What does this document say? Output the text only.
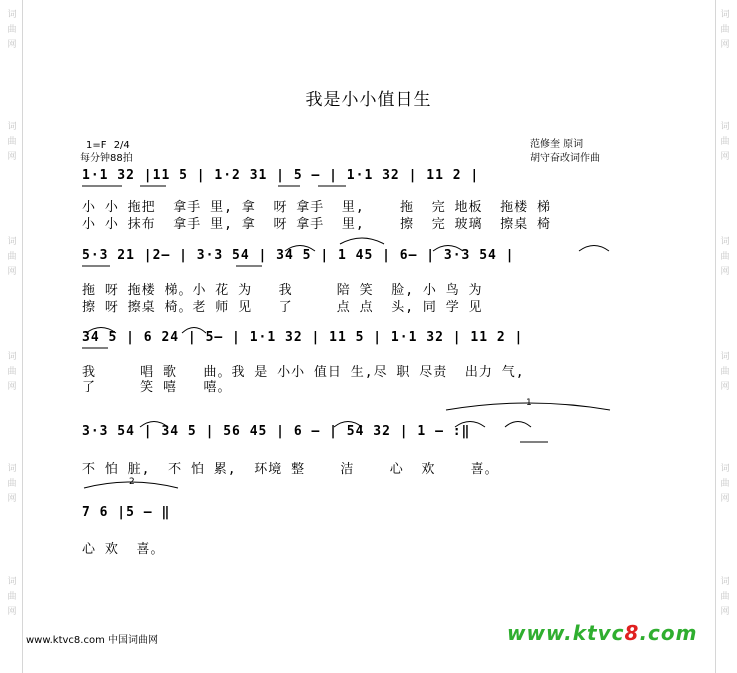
词
曲
网
词
曲
网
词
曲
网
词
曲
网
词
曲
网
词
曲
网
词
曲
网
词
曲
网
词
曲
网
词
曲
网
词
曲
网
词
曲
网
我是小小值日生
1=F 2/4
每分钟88拍
范修奎 原词
胡守奋改词作曲
1·1 32 |11 5 | 1·2 31 | 5 — | 1·1 32 | 11 2 |
小 小 拖把  拿手 里, 拿  呀 拿手  里,    拖  完 地板  拖楼 梯
小 小 抹布  拿手 里, 拿  呀 拿手  里,    擦  完 玻璃  擦桌 椅
5·3 21 |2— | 3·3 54 | 34 5 | 1 45 | 6— | 3·3 54 |
拖 呀 拖楼 梯。小 花 为   我     陪 笑  脸, 小 鸟 为
擦 呀 擦桌 椅。老 师 见   了     点 点  头, 同 学 见
34 5 | 6 24 | 5— | 1·1 32 | 11 5 | 1·1 32 | 11 2 |
我     唱 歌   曲。我 是 小小 值日 生,尽 职 尽责  出力 气,
了     笑 嘻   嘻。
3·3 54 | 34 5 | 56 45 | 6 — | 54 32 | 1 — :‖
不 怕 脏,  不 怕 累,  环境 整    洁    心  欢    喜。
7 6 |5 — ‖
心 欢  喜。
1
2
www.ktvc8.com 中国词曲网	www.ktvc8.com
